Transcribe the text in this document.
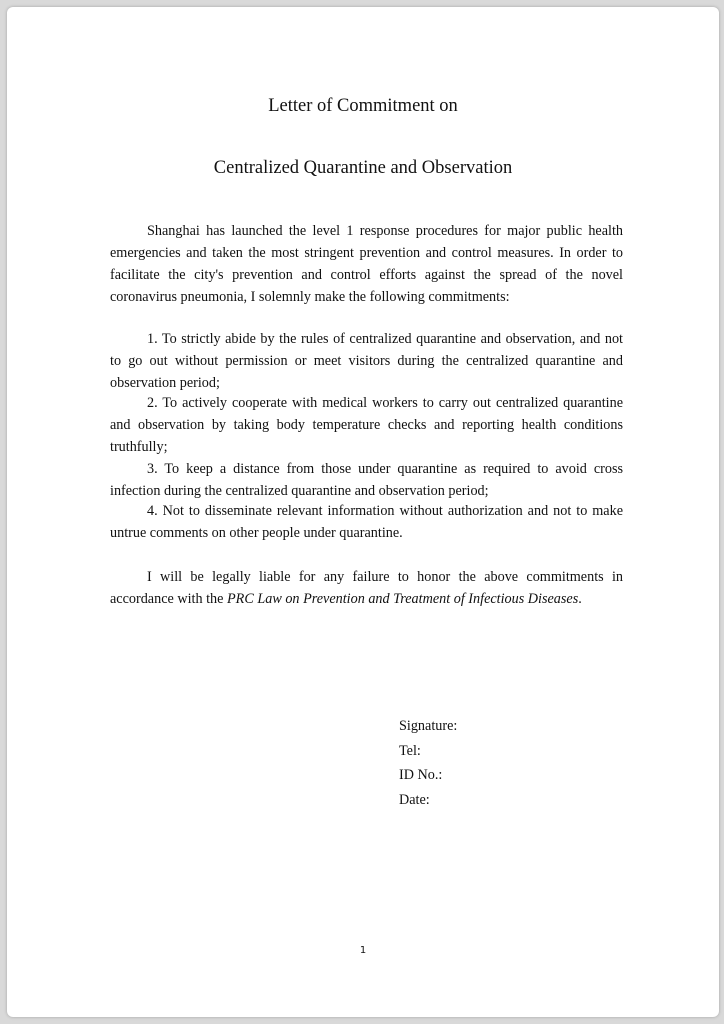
Letter of Commitment on
Centralized Quarantine and Observation

Shanghai has launched the level 1 response procedures for major public health emergencies and taken the most stringent prevention and control measures. In order to facilitate the city's prevention and control efforts against the spread of the novel coronavirus pneumonia, I solemnly make the following commitments:

1. To strictly abide by the rules of centralized quarantine and observation, and not to go out without permission or meet visitors during the centralized quarantine and observation period;

2. To actively cooperate with medical workers to carry out centralized quarantine and observation by taking body temperature checks and reporting health conditions truthfully;

3. To keep a distance from those under quarantine as required to avoid cross infection during the centralized quarantine and observation period;

4. Not to disseminate relevant information without authorization and not to make untrue comments on other people under quarantine.

I will be legally liable for any failure to honor the above commitments in accordance with the PRC Law on Prevention and Treatment of Infectious Diseases.

Signature:
Tel:
ID No.:
Date:
1
